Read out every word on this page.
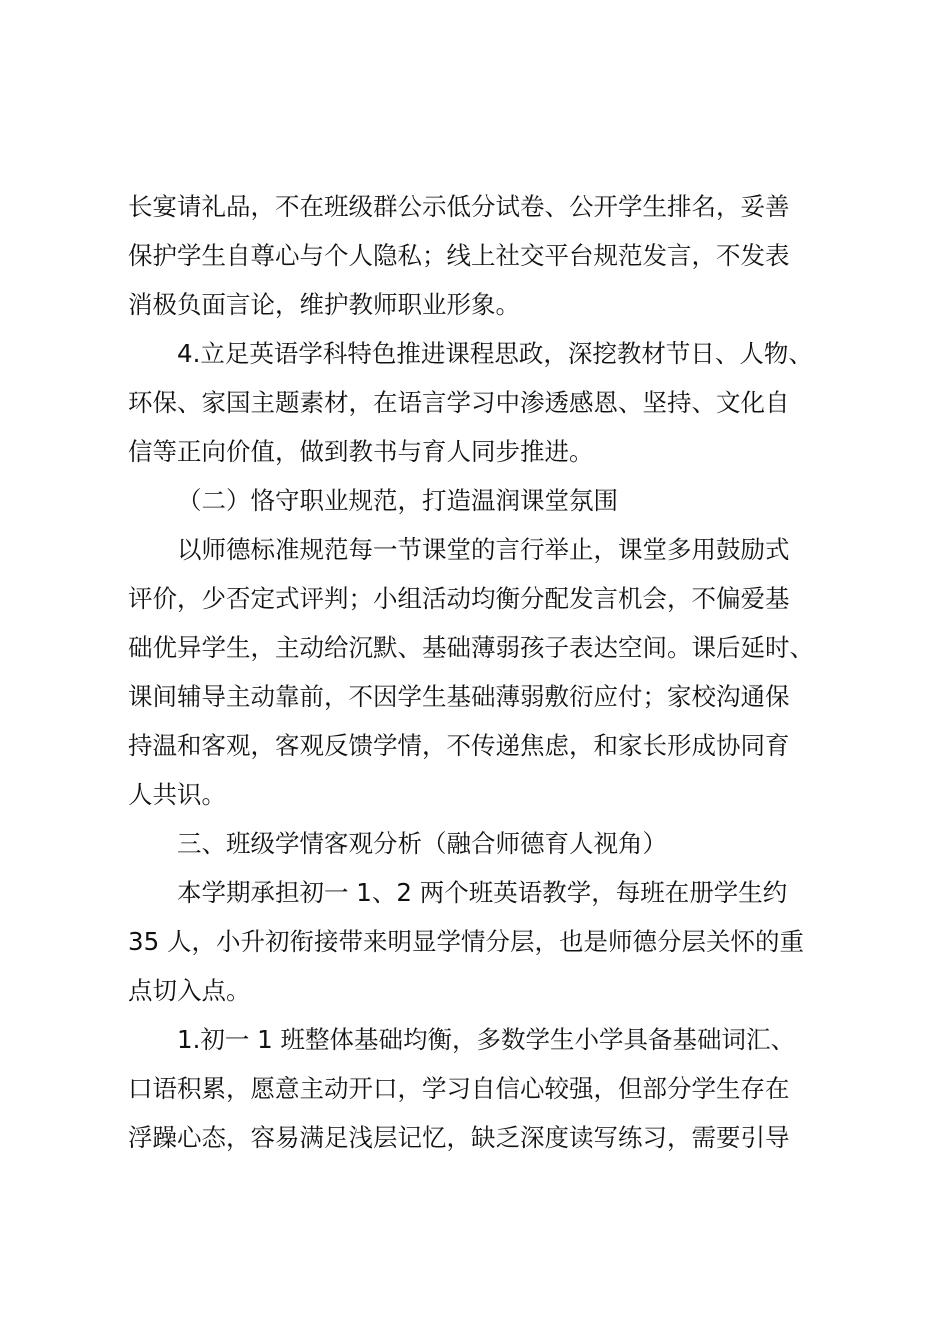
长宴请礼品，不在班级群公示低分试卷、公开学生排名，妥善

保护学生自尊心与个人隐私；线上社交平台规范发言，不发表

消极负面言论，维护教师职业形象。

4.立足英语学科特色推进课程思政，深挖教材节日、人物、

环保、家国主题素材，在语言学习中渗透感恩、坚持、文化自

信等正向价值，做到教书与育人同步推进。

（二）恪守职业规范，打造温润课堂氛围

以师德标准规范每一节课堂的言行举止，课堂多用鼓励式

评价，少否定式评判；小组活动均衡分配发言机会，不偏爱基

础优异学生，主动给沉默、基础薄弱孩子表达空间。课后延时、

课间辅导主动靠前，不因学生基础薄弱敷衍应付；家校沟通保

持温和客观，客观反馈学情，不传递焦虑，和家长形成协同育

人共识。

三、班级学情客观分析（融合师德育人视角）

本学期承担初一 1、2 两个班英语教学，每班在册学生约

35 人，小升初衔接带来明显学情分层，也是师德分层关怀的重

点切入点。

1.初一 1 班整体基础均衡，多数学生小学具备基础词汇、

口语积累，愿意主动开口，学习自信心较强，但部分学生存在

浮躁心态，容易满足浅层记忆，缺乏深度读写练习，需要引导
